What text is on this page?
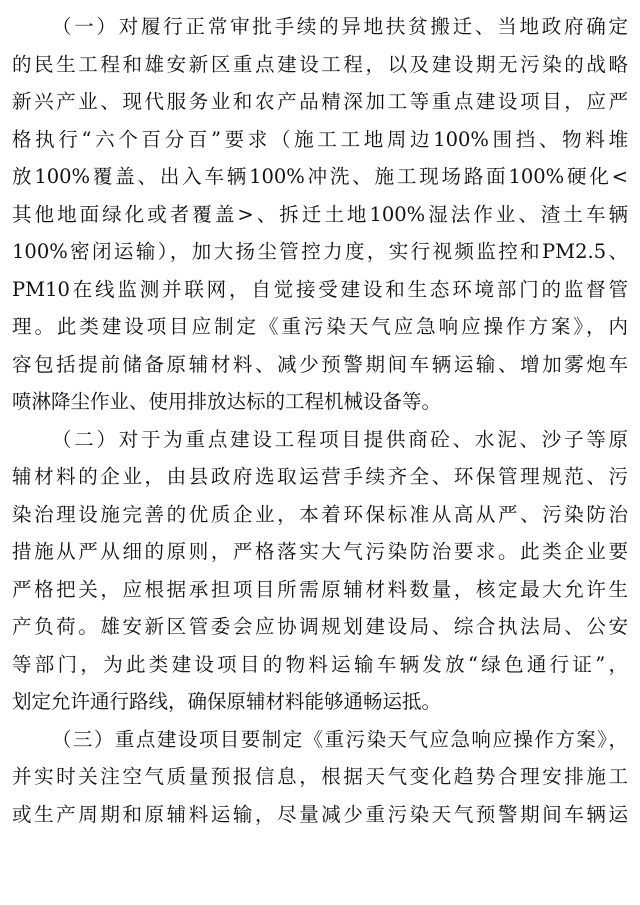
（一）对履行正常审批手续的异地扶贫搬迁、当地政府确定
的民生工程和雄安新区重点建设工程，以及建设期无污染的战略
新兴产业、现代服务业和农产品精深加工等重点建设项目，应严
格执行“六个百分百”要求（施工工地周边100%围挡、物料堆
放100%覆盖、出入车辆100%冲洗、施工现场路面100%硬化<
其他地面绿化或者覆盖>、拆迁土地100%湿法作业、渣土车辆
100%密闭运输），加大扬尘管控力度，实行视频监控和PM2.5、
PM10在线监测并联网，自觉接受建设和生态环境部门的监督管
理。此类建设项目应制定《重污染天气应急响应操作方案》，内
容包括提前储备原辅材料、减少预警期间车辆运输、增加雾炮车
喷淋降尘作业、使用排放达标的工程机械设备等。
（二）对于为重点建设工程项目提供商砼、水泥、沙子等原
辅材料的企业，由县政府选取运营手续齐全、环保管理规范、污
染治理设施完善的优质企业，本着环保标准从高从严、污染防治
措施从严从细的原则，严格落实大气污染防治要求。此类企业要
严格把关，应根据承担项目所需原辅材料数量，核定最大允许生
产负荷。雄安新区管委会应协调规划建设局、综合执法局、公安
等部门，为此类建设项目的物料运输车辆发放“绿色通行证”，
划定允许通行路线，确保原辅材料能够通畅运抵。
（三）重点建设项目要制定《重污染天气应急响应操作方案》，
并实时关注空气质量预报信息，根据天气变化趋势合理安排施工
或生产周期和原辅料运输，尽量减少重污染天气预警期间车辆运
